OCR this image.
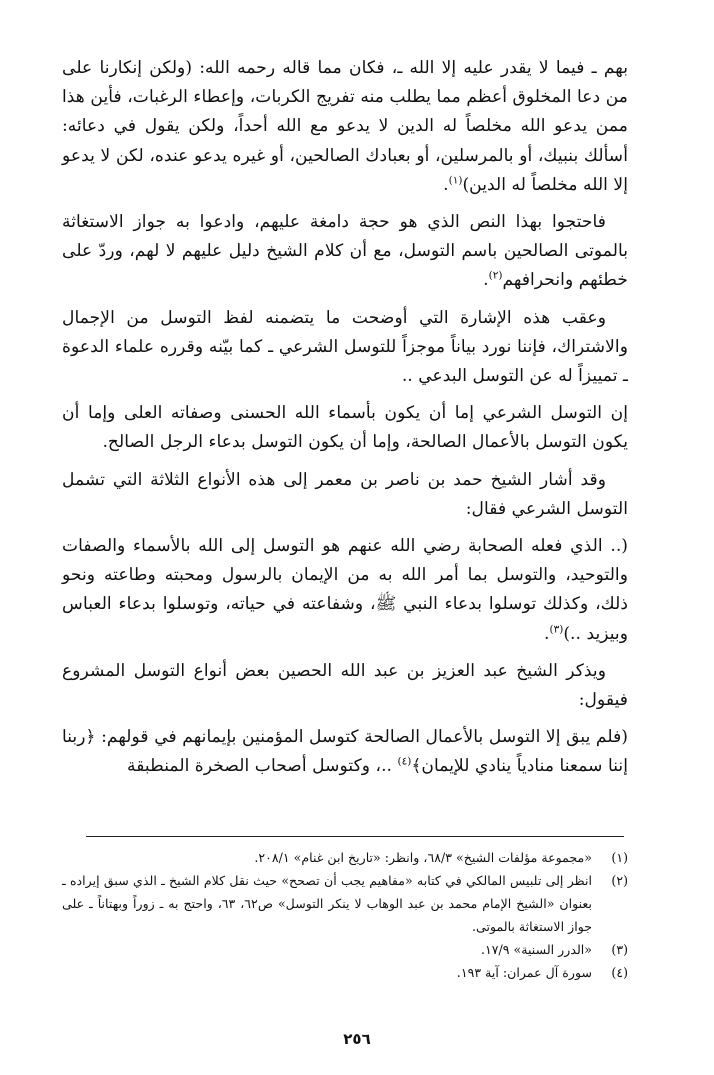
بهم ـ فيما لا يقدر عليه إلا الله ـ، فكان مما قاله رحمه الله: (ولكن إنكارنا على من دعا المخلوق أعظم مما يطلب منه تفريج الكربات، وإعطاء الرغبات، فأين هذا ممن يدعو الله مخلصاً له الدين لا يدعو مع الله أحداً، ولكن يقول في دعائه: أسألك بنبيك، أو بالمرسلين، أو بعبادك الصالحين، أو غيره يدعو عنده، لكن لا يدعو إلا الله مخلصاً له الدين)$^{(١)}$.

فاحتجوا بهذا النص الذي هو حجة دامغة عليهم، وادعوا به جواز الاستغاثة بالموتى الصالحين باسم التوسل، مع أن كلام الشيخ دليل عليهم لا لهم، وردّ على خطئهم وانحرافهم$^{(٢)}$.

وعقب هذه الإشارة التي أوضحت ما يتضمنه لفظ التوسل من الإجمال والاشتراك، فإننا نورد بياناً موجزاً للتوسل الشرعي ـ كما بيّنه وقرره علماء الدعوة ـ تمييزاً له عن التوسل البدعي ..

إن التوسل الشرعي إما أن يكون بأسماء الله الحسنى وصفاته العلى وإما أن يكون التوسل بالأعمال الصالحة، وإما أن يكون التوسل بدعاء الرجل الصالح.

وقد أشار الشيخ حمد بن ناصر بن معمر إلى هذه الأنواع الثلاثة التي تشمل التوسل الشرعي فقال:

(.. الذي فعله الصحابة رضي الله عنهم هو التوسل إلى الله بالأسماء والصفات والتوحيد، والتوسل بما أمر الله به من الإيمان بالرسول ومحبته وطاعته ونحو ذلك، وكذلك توسلوا بدعاء النبي ﷺ، وشفاعته في حياته، وتوسلوا بدعاء العباس وبيزيد ..)$^{(٣)}$.

ويذكر الشيخ عبد العزيز بن عبد الله الحصين بعض أنواع التوسل المشروع فيقول:

(فلم يبق إلا التوسل بالأعمال الصالحة كتوسل المؤمنين بإيمانهم في قولهم: ﴿ربنا إننا سمعنا منادياً ينادي للإيمان﴾$^{(٤)}$ ..، وكتوسل أصحاب الصخرة المنطبقة

(١)
«مجموعة مؤلفات الشيخ» ٦٨/٣، وانظر: «تاريخ ابن غنام» ٢٠٨/١.
(٢)
انظر إلى تلبيس المالكي في كتابه «مفاهيم يجب أن تصحح» حيث نقل كلام الشيخ ـ الذي سبق إيراده ـ بعنوان «الشيخ الإمام محمد بن عبد الوهاب لا ينكر التوسل» ص٦٢، ٦٣، واحتج به ـ زوراً وبهتاناً ـ على جواز الاستغاثة بالموتى.
(٣)
«الدرر السنية» ١٧/٩.
(٤)
سورة آل عمران: آية ١٩٣.
٢٥٦
